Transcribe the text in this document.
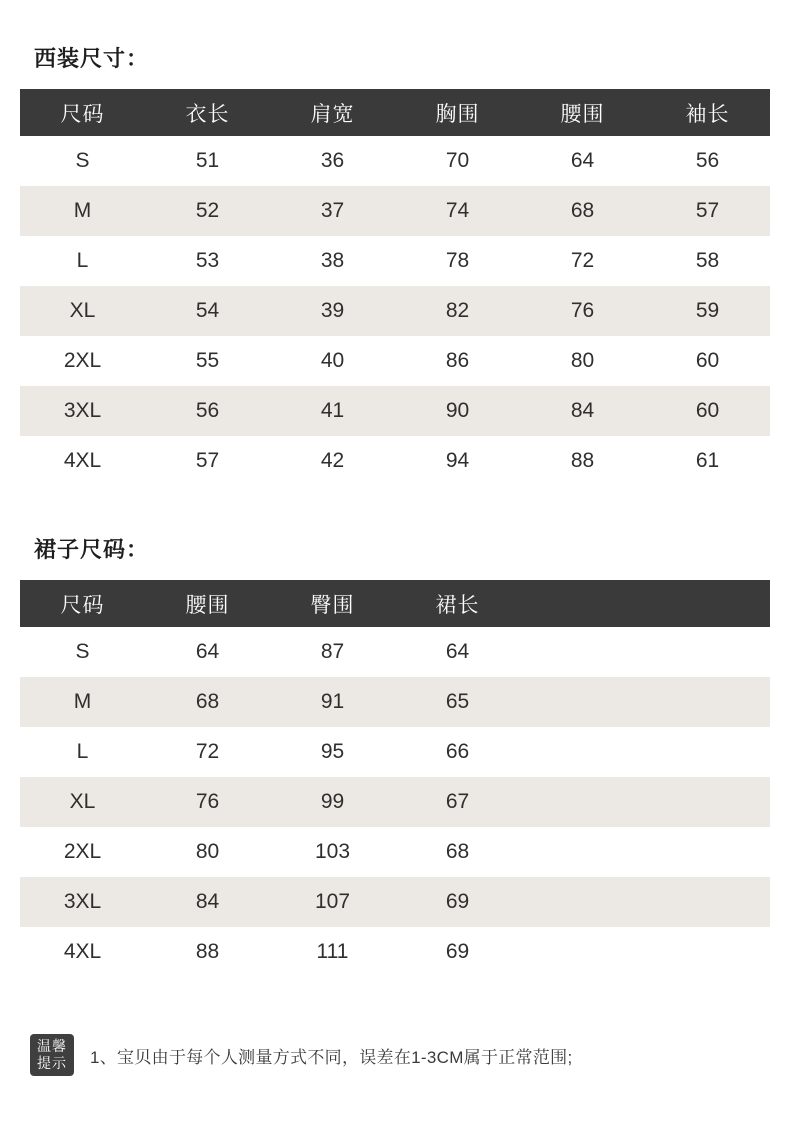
西装尺寸：
尺码	衣长	肩宽	胸围	腰围	袖长
S	51	36	70	64	56
M	52	37	74	68	57
L	53	38	78	72	58
XL	54	39	82	76	59
2XL	55	40	86	80	60
3XL	56	41	90	84	60
4XL	57	42	94	88	61
裙子尺码：
尺码	腰围	臀围	裙长		
S	64	87	64		
M	68	91	65		
L	72	95	66		
XL	76	99	67		
2XL	80	103	68		
3XL	84	107	69		
4XL	88	111	69		
温馨
提示 1、宝贝由于每个人测量方式不同，误差在1-3CM属于正常范围;
